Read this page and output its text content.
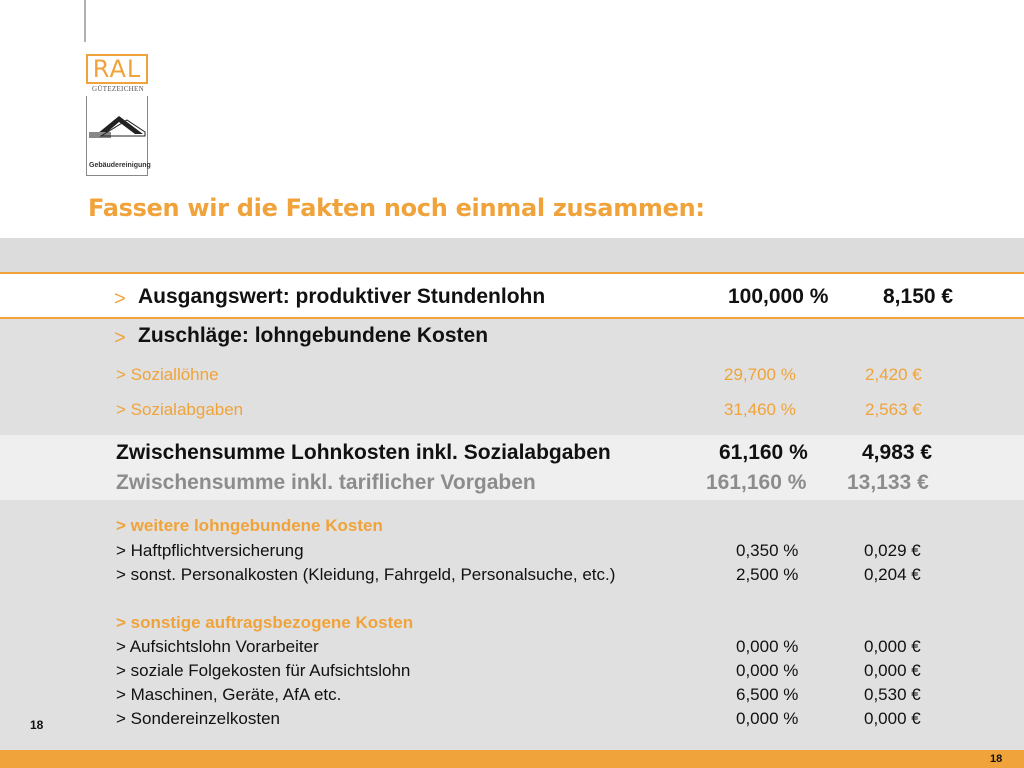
RAL
GÜTEZEICHEN
Gebäudereinigung
Fassen wir die Fakten noch einmal zusammen:
> Ausgangswert: produktiver Stundenlohn	100,000 %	8,150 €
> Zuschläge: lohngebundene Kosten
> Soziallöhne	29,700 %	2,420 €
> Sozialabgaben	31,460 %	2,563 €
Zwischensumme Lohnkosten inkl. Sozialabgaben	61,160 %	4,983 €
Zwischensumme inkl. tariflicher Vorgaben	161,160 % 13,133 €
> weitere lohngebundene Kosten
> Haftpflichtversicherung	0,350 %	0,029 €
> sonst. Personalkosten (Kleidung, Fahrgeld, Personalsuche, etc.)	2,500 %	0,204 €
> sonstige auftragsbezogene Kosten
> Aufsichtslohn Vorarbeiter	0,000 %	0,000 €
> soziale Folgekosten für Aufsichtslohn	0,000 %	0,000 €
> Maschinen, Geräte, AfA etc.	6,500 %	0,530 €
> Sondereinzelkosten	0,000 %	0,000 €
18
18
